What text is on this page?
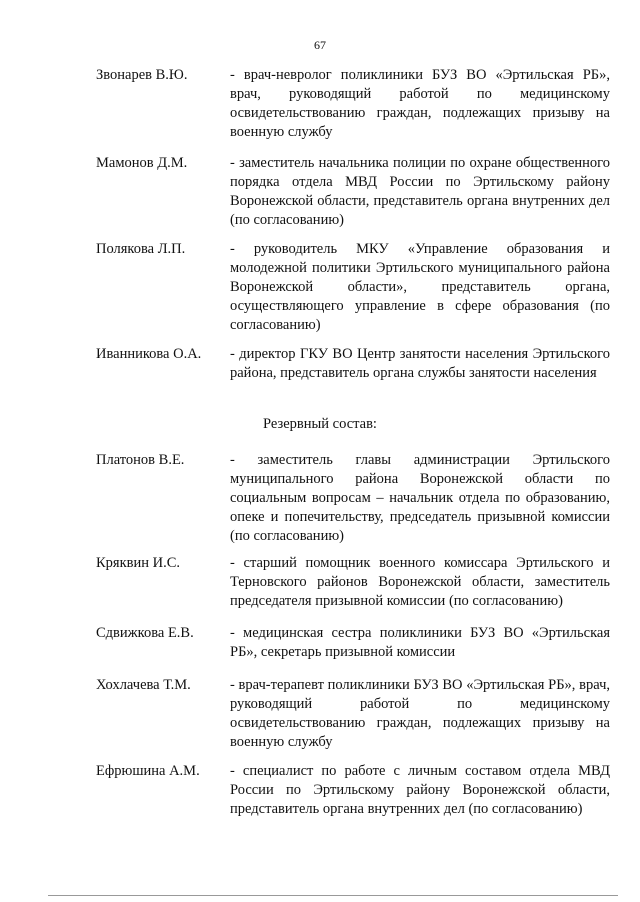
67
Звонарев В.Ю.	- врач-невролог поликлиники БУЗ ВО «Эртильская РБ», врач, руководящий работой по медицинскому освидетельствованию граждан, подлежащих призыву на военную службу
Мамонов Д.М.	- заместитель начальника полиции по охране общественного порядка отдела МВД России по Эртильскому району Воронежской области, представитель органа внутренних дел (по согласованию)
Полякова Л.П.	- руководитель МКУ «Управление образования и молодежной политики Эртильского муниципального района Воронежской области», представитель органа, осуществляющего управление в сфере образования (по согласованию)
Иванникова О.А. - директор ГКУ ВО Центр занятости населения Эртильского района, представитель органа службы занятости населения
Резервный состав:
Платонов В.Е.	- заместитель главы администрации Эртильского муниципального района Воронежской области по социальным вопросам – начальник отдела по образованию, опеке и попечительству, председатель призывной комиссии (по согласованию)
Кряквин И.С.	- старший помощник военного комиссара Эртильского и Терновского районов Воронежской области, заместитель председателя призывной комиссии (по согласованию)
Сдвижкова Е.В.	- медицинская сестра поликлиники БУЗ ВО «Эртильская РБ», секретарь призывной комиссии
Хохлачева Т.М.	- врач-терапевт поликлиники БУЗ ВО «Эртильская РБ», врач, руководящий работой по медицинскому освидетельствованию граждан, подлежащих призыву на военную службу
Ефрюшина А.М. - специалист по работе с личным составом отдела МВД России по Эртильскому району Воронежской области, представитель органа внутренних дел (по согласованию)
